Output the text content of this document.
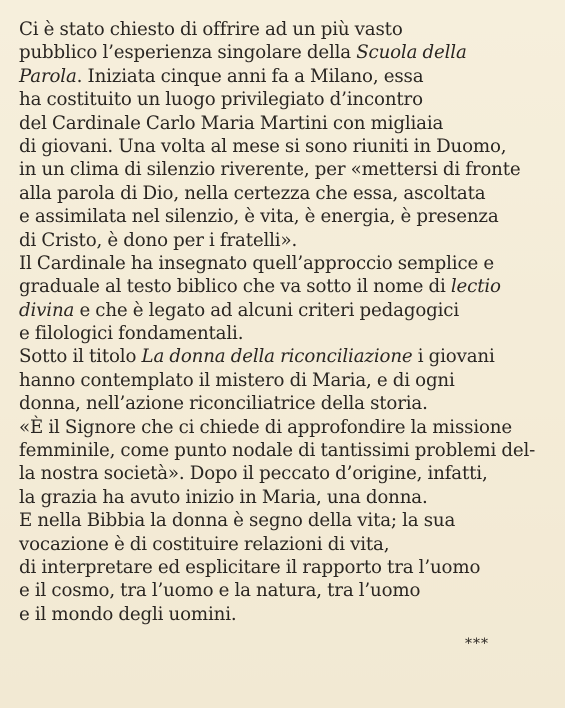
Ci è stato chiesto di offrire ad un più vasto
pubblico l’esperienza singolare della Scuola della
Parola. Iniziata cinque anni fa a Milano, essa
ha costituito un luogo privilegiato d’incontro
del Cardinale Carlo Maria Martini con migliaia
di giovani. Una volta al mese si sono riuniti in Duomo,
in un clima di silenzio riverente, per «mettersi di fronte
alla parola di Dio, nella certezza che essa, ascoltata
e assimilata nel silenzio, è vita, è energia, è presenza
di Cristo, è dono per i fratelli».
Il Cardinale ha insegnato quell’approccio semplice e
graduale al testo biblico che va sotto il nome di lectio
divina e che è legato ad alcuni criteri pedagogici
e filologici fondamentali.
Sotto il titolo La donna della riconciliazione i giovani
hanno contemplato il mistero di Maria, e di ogni
donna, nell’azione riconciliatrice della storia.
«È il Signore che ci chiede di approfondire la missione
femminile, come punto nodale di tantissimi problemi del-
la nostra società». Dopo il peccato d’origine, infatti,
la grazia ha avuto inizio in Maria, una donna.
E nella Bibbia la donna è segno della vita; la sua
vocazione è di costituire relazioni di vita,
di interpretare ed esplicitare il rapporto tra l’uomo
e il cosmo, tra l’uomo e la natura, tra l’uomo
e il mondo degli uomini.
***
